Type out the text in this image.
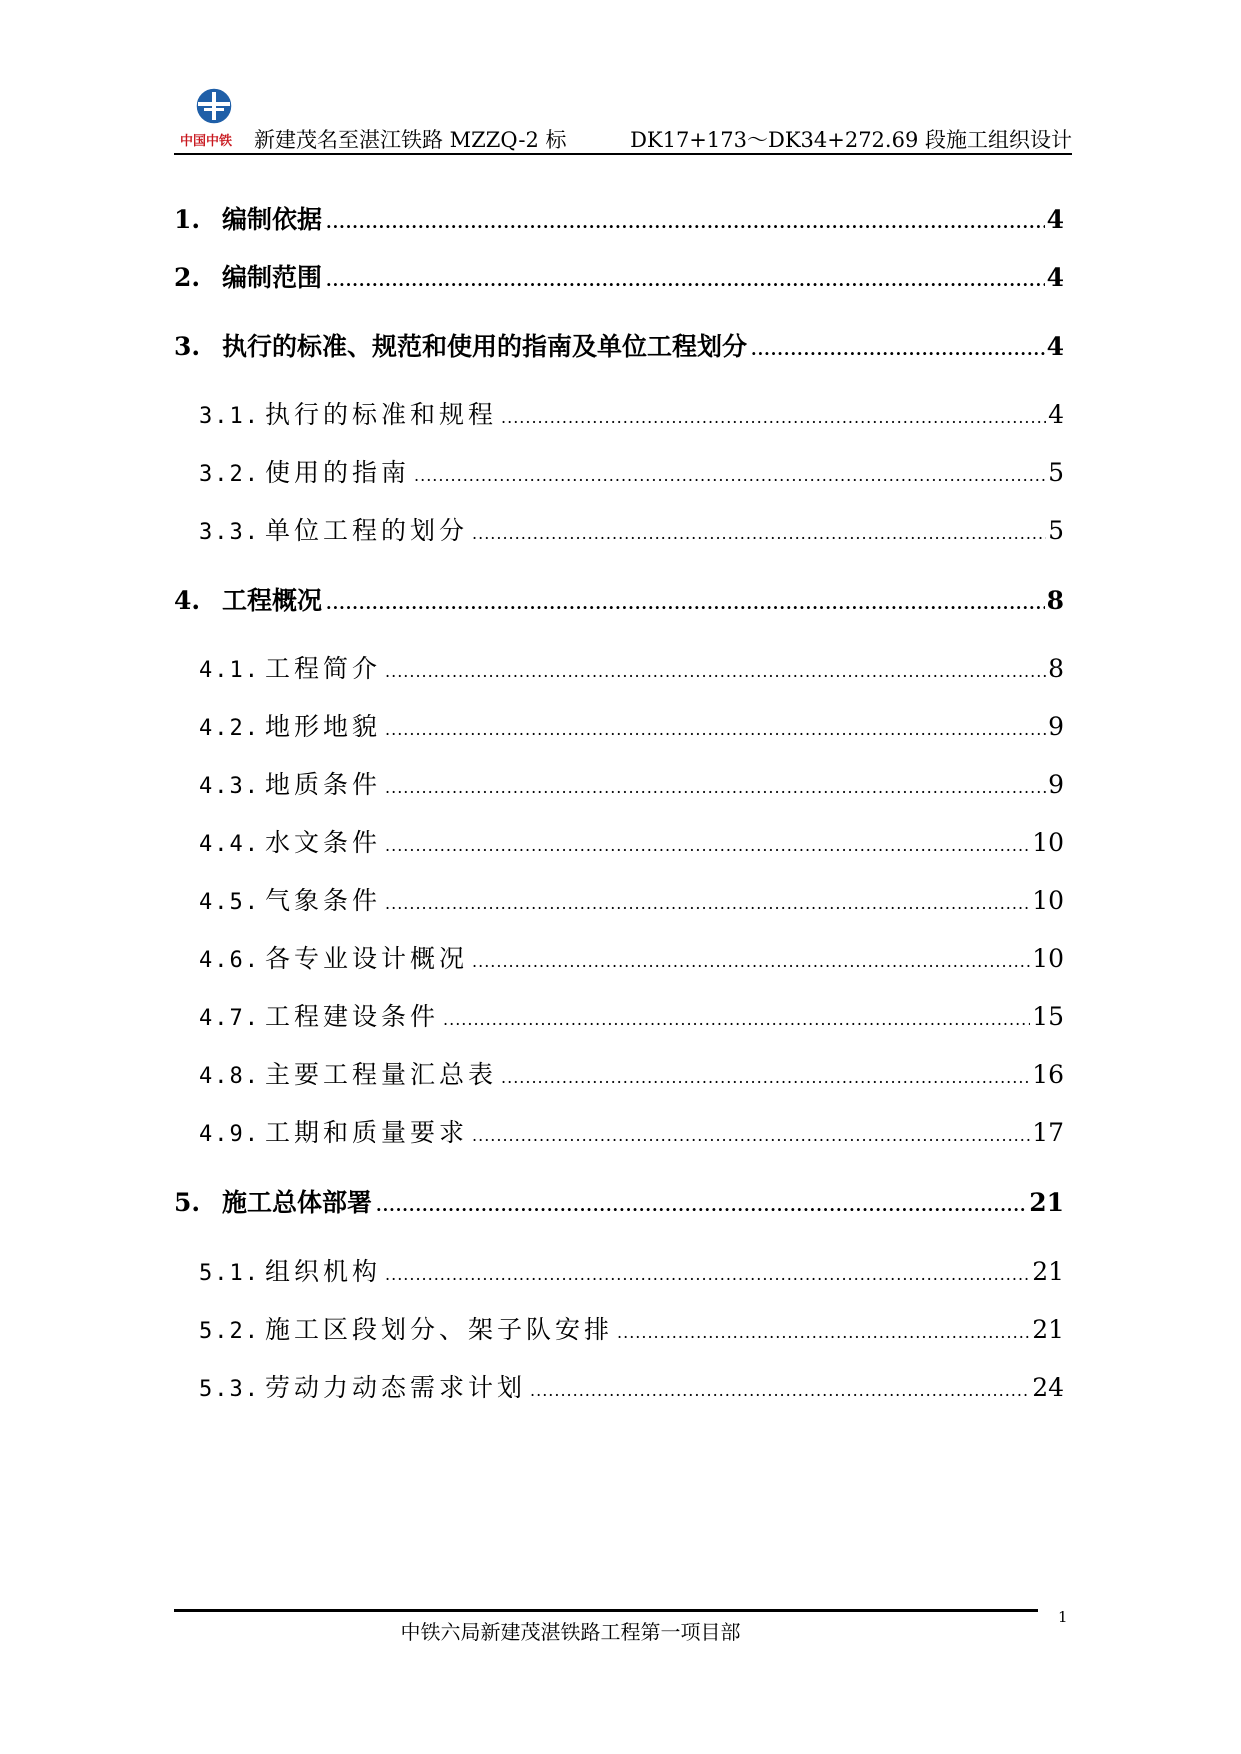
中国中铁 新建茂名至湛江铁路 MZZQ-2 标	DK17+173～DK34+272.69 段施工组织设计
1. 编制依据 .....	4
2. 编制范围 .....	4
3. 执行的标准、规范和使用的指南及单位工程划分 .....	4
3.1. 执行的标准和规程 .....	4
3.2. 使用的指南 .....	5
3.3. 单位工程的划分 .....	5
4. 工程概况 .....	8
4.1. 工程简介 .....	8
4.2. 地形地貌 .....	9
4.3. 地质条件 .....	9
4.4. 水文条件 .....	10
4.5. 气象条件 .....	10
4.6. 各专业设计概况 .....	10
4.7. 工程建设条件 .....	15
4.8. 主要工程量汇总表 .....	16
4.9. 工期和质量要求 .....	17
5. 施工总体部署 .....	21
5.1. 组织机构 .....	21
5.2. 施工区段划分、架子队安排 .....	21
5.3. 劳动力动态需求计划 .....	24
中铁六局新建茂湛铁路工程第一项目部
1
